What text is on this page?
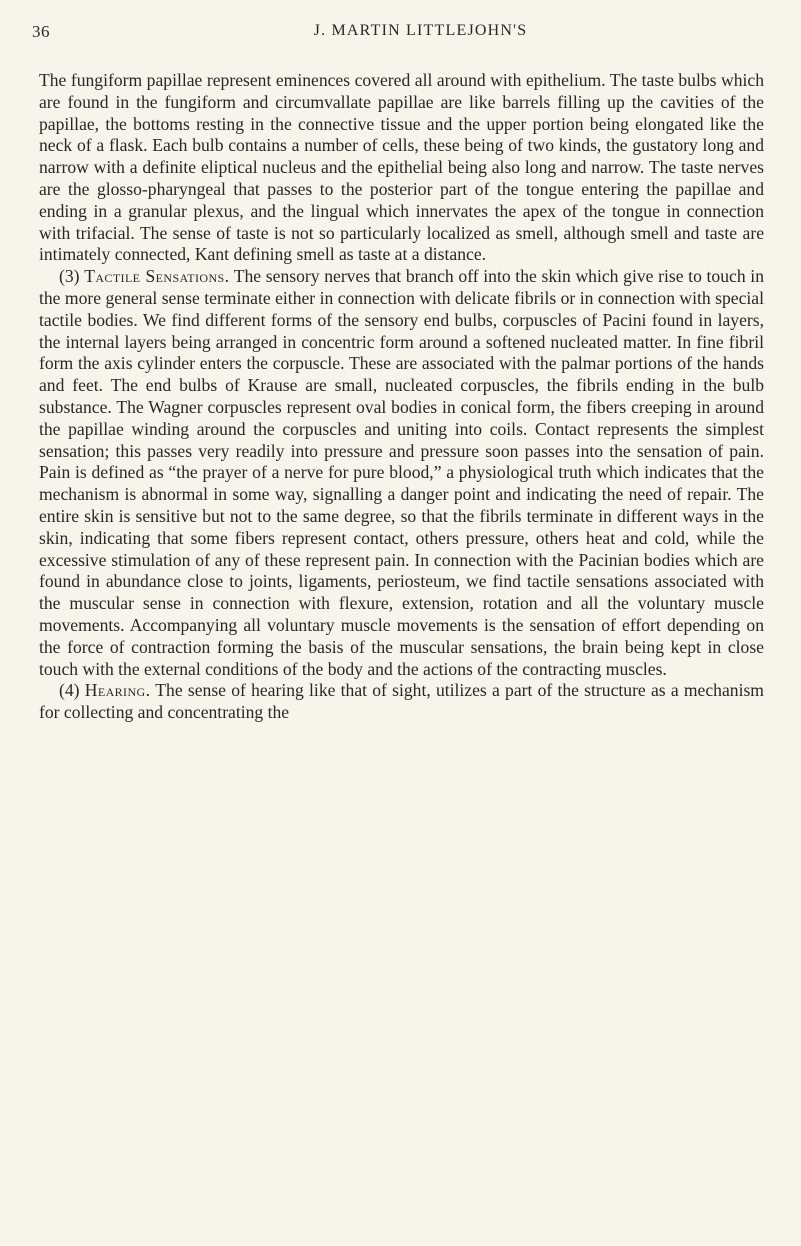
36	J. MARTIN LITTLEJOHN'S

The fungiform papillae represent eminences covered all around with epithelium. The taste bulbs which are found in the fungiform and circumvallate papillae are like barrels filling up the cavities of the papillae, the bottoms resting in the connective tissue and the upper portion being elongated like the neck of a flask. Each bulb contains a number of cells, these being of two kinds, the gustatory long and narrow with a definite eliptical nucleus and the epithelial being also long and narrow. The taste nerves are the glosso-pharyngeal that passes to the posterior part of the tongue entering the papillae and ending in a granular plexus, and the lingual which innervates the apex of the tongue in connection with trifacial. The sense of taste is not so particularly localized as smell, although smell and taste are intimately connected, Kant defining smell as taste at a distance.

(3) Tactile Sensations. The sensory nerves that branch off into the skin which give rise to touch in the more general sense terminate either in connection with delicate fibrils or in connection with special tactile bodies. We find different forms of the sensory end bulbs, corpuscles of Pacini found in layers, the internal layers being arranged in concentric form around a softened nucleated matter. In fine fibril form the axis cylinder enters the corpuscle. These are associated with the palmar portions of the hands and feet. The end bulbs of Krause are small, nucleated corpuscles, the fibrils ending in the bulb substance. The Wagner corpuscles represent oval bodies in conical form, the fibers creeping in around the papillae winding around the corpuscles and uniting into coils. Contact represents the simplest sensation; this passes very readily into pressure and pressure soon passes into the sensation of pain. Pain is defined as “the prayer of a nerve for pure blood,” a physiological truth which indicates that the mechanism is abnormal in some way, signalling a danger point and indicating the need of repair. The entire skin is sensitive but not to the same degree, so that the fibrils terminate in different ways in the skin, indicating that some fibers represent contact, others pressure, others heat and cold, while the excessive stimulation of any of these represent pain. In connection with the Pacinian bodies which are found in abundance close to joints, ligaments, periosteum, we find tactile sensations associated with the muscular sense in connection with flexure, extension, rotation and all the voluntary muscle movements. Accompanying all voluntary muscle movements is the sensation of effort depending on the force of contraction forming the basis of the muscular sensations, the brain being kept in close touch with the external conditions of the body and the actions of the contracting muscles.

(4) Hearing. The sense of hearing like that of sight, utilizes a part of the structure as a mechanism for collecting and concentrating the
